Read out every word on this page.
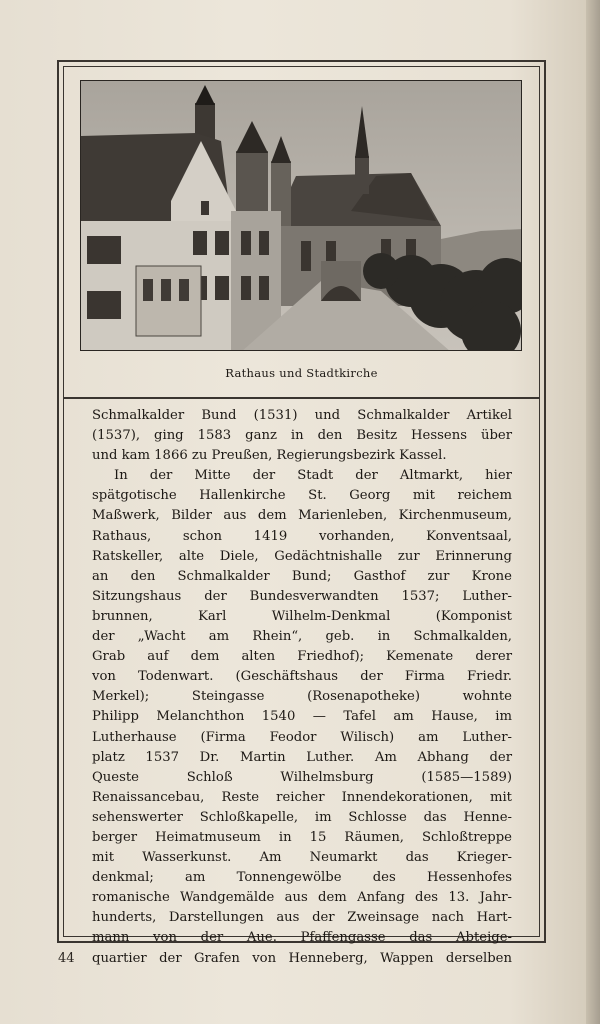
Rathaus und Stadtkirche
Schmalkalder Bund (1531) und Schmalkalder Artikel
(1537), ging 1583 ganz in den Besitz Hessens über
und kam 1866 zu Preußen, Regierungsbezirk Kassel.
In der Mitte der Stadt der Altmarkt, hier
spätgotische Hallenkirche St. Georg mit reichem
Maßwerk, Bilder aus dem Marienleben, Kirchenmuseum,
Rathaus, schon 1419 vorhanden, Konventsaal,
Ratskeller, alte Diele, Gedächtnishalle zur Erinnerung
an den Schmalkalder Bund; Gasthof zur Krone
Sitzungshaus der Bundesverwandten 1537; Luther-
brunnen, Karl Wilhelm-Denkmal (Komponist
der „Wacht am Rhein“, geb. in Schmalkalden,
Grab auf dem alten Friedhof); Kemenate derer
von Todenwart. (Geschäftshaus der Firma Friedr.
Merkel); Steingasse (Rosenapotheke) wohnte
Philipp Melanchthon 1540 — Tafel am Hause, im
Lutherhause (Firma Feodor Wilisch) am Luther-
platz 1537 Dr. Martin Luther. Am Abhang der
Queste Schloß Wilhelmsburg (1585—1589)
Renaissancebau, Reste reicher Innendekorationen, mit
sehenswerter Schloßkapelle, im Schlosse das Henne-
berger Heimatmuseum in 15 Räumen, Schloßtreppe
mit Wasserkunst. Am Neumarkt das Krieger-
denkmal; am Tonnengewölbe des Hessenhofes
romanische Wandgemälde aus dem Anfang des 13. Jahr-
hunderts, Darstellungen aus der Zweinsage nach Hart-
mann von der Aue. Pfaffengasse das Abteige-
quartier der Grafen von Henneberg, Wappen derselben
44
